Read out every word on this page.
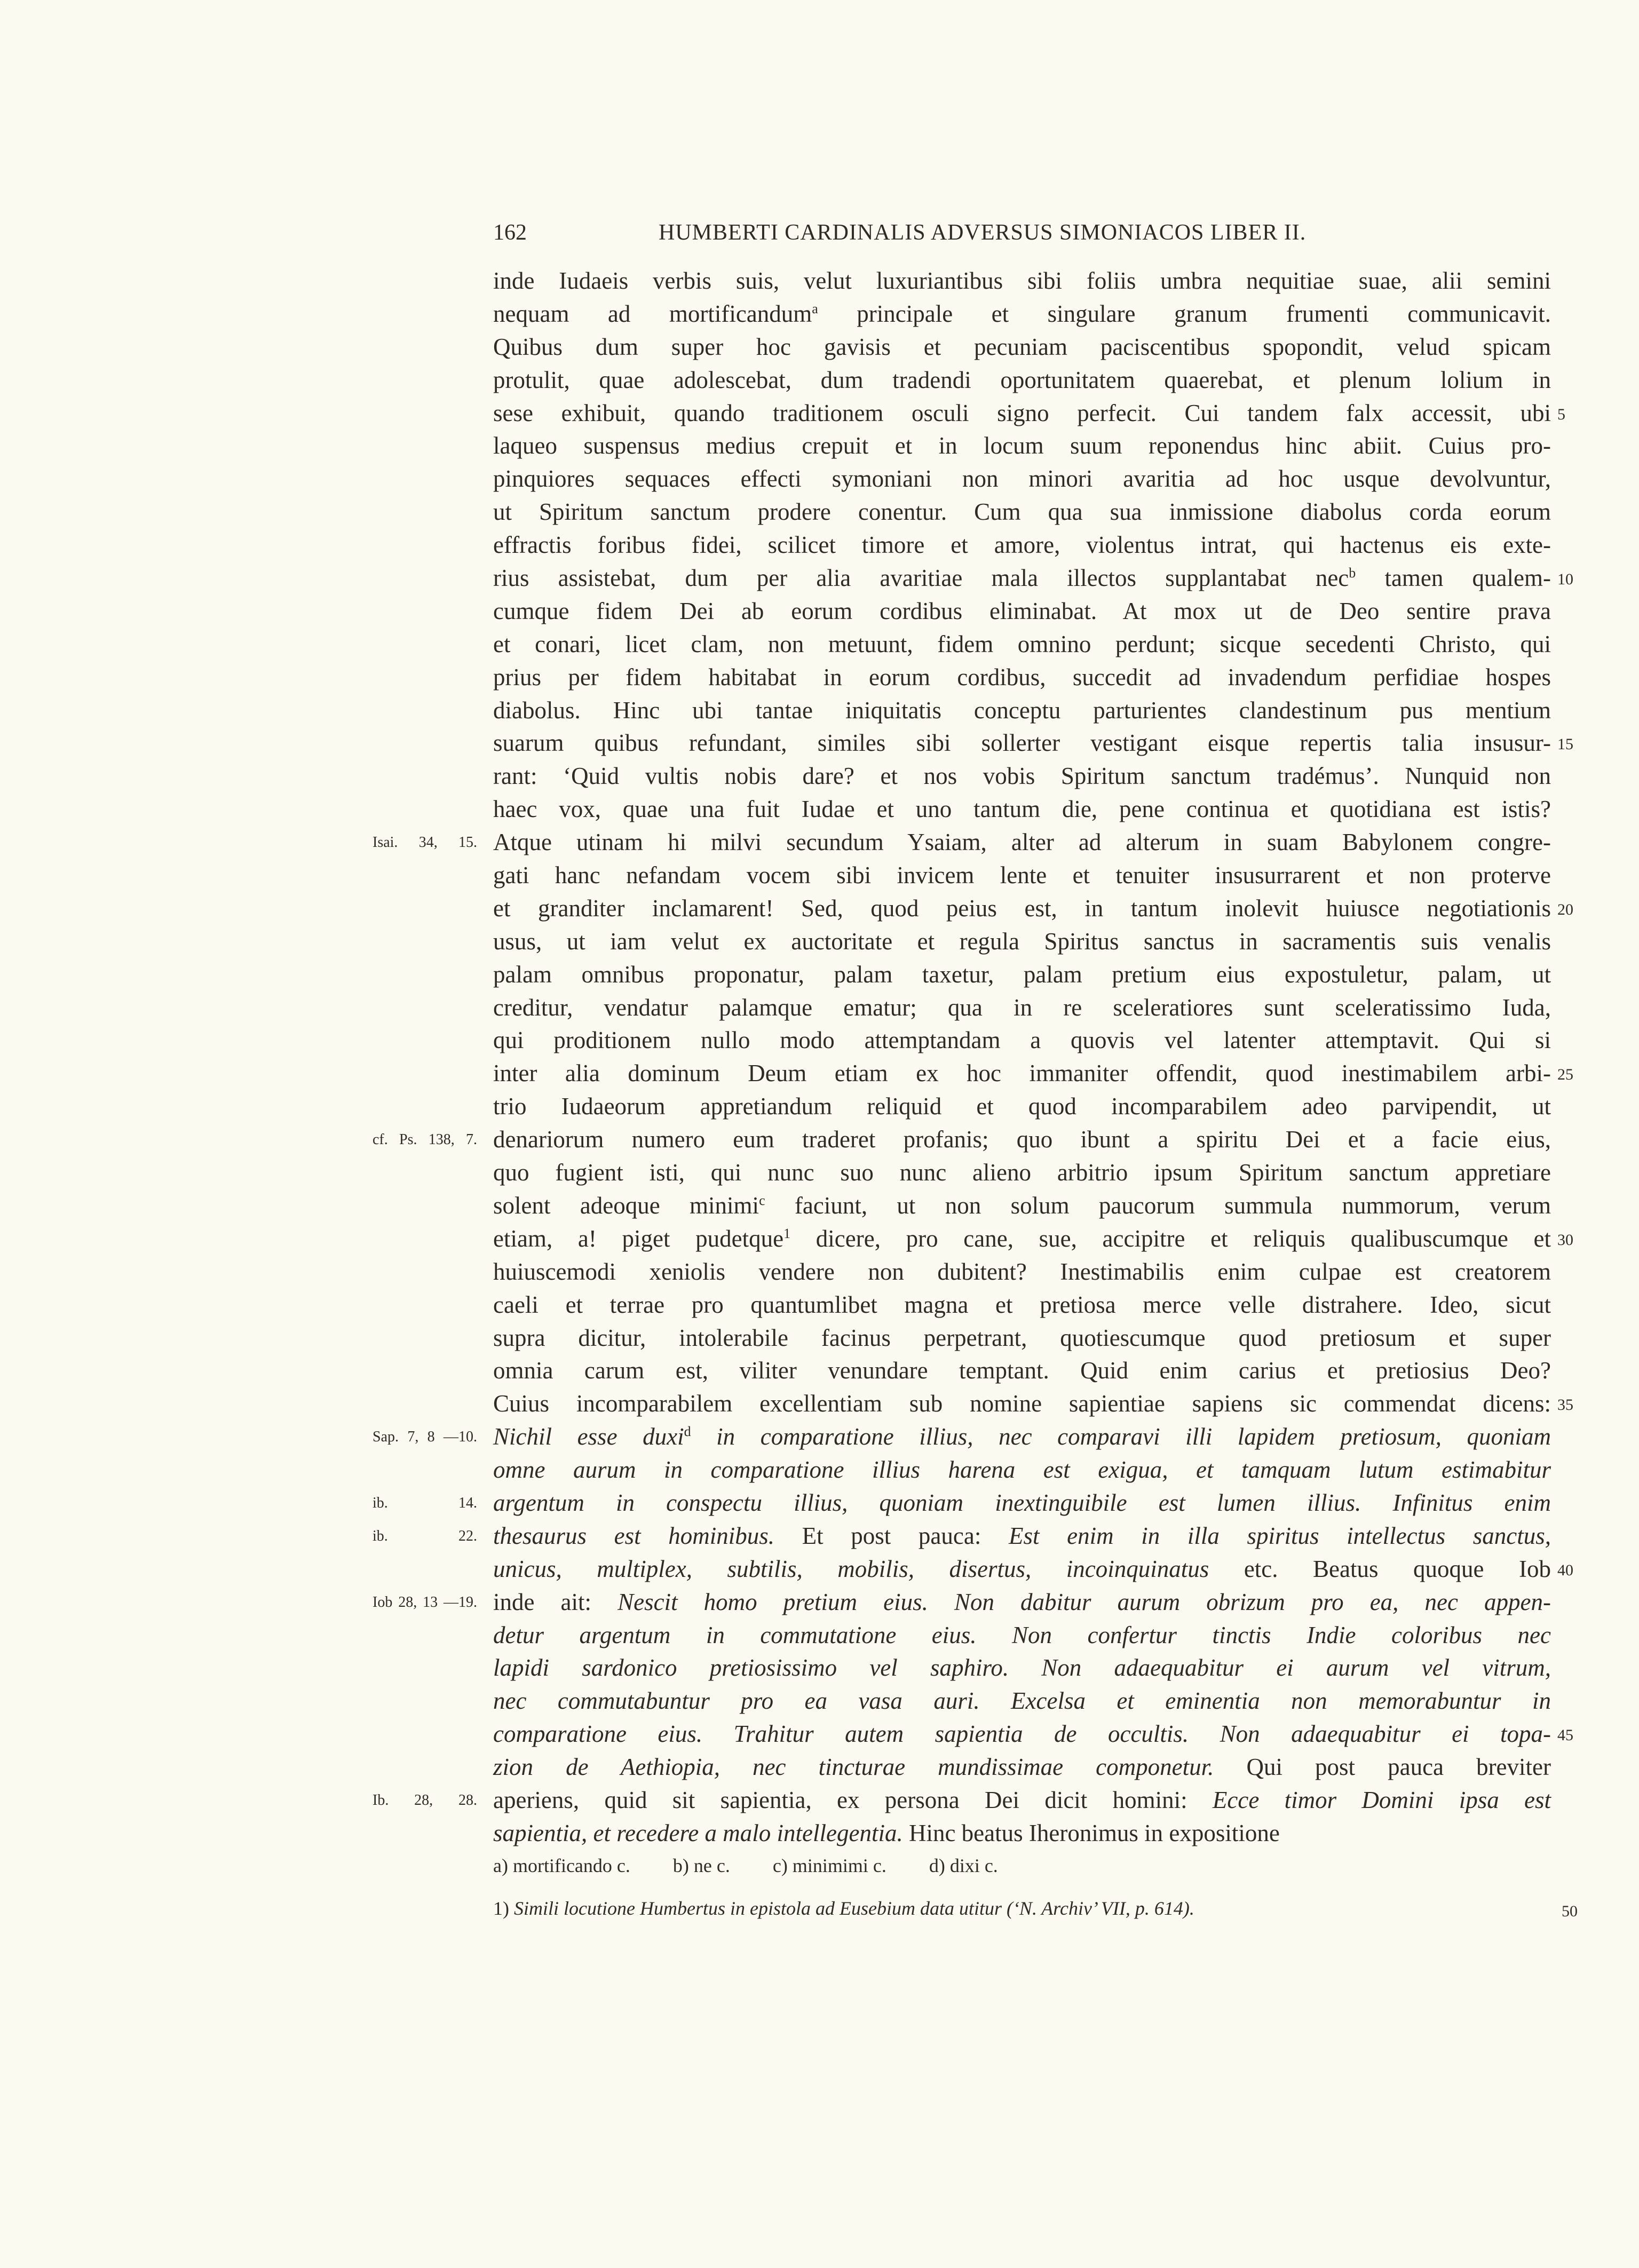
162	HUMBERTI CARDINALIS ADVERSUS SIMONIACOS LIBER II.
inde Iudaeis verbis suis, velut luxuriantibus sibi foliis umbra nequitiae suae, alii semini
nequam ad mortificandum$^a$ principale et singulare granum frumenti communicavit.
Quibus dum super hoc gavisis et pecuniam paciscentibus spopondit, velud spicam
protulit, quae adolescebat, dum tradendi oportunitatem quaerebat, et plenum lolium in
sese exhibuit, quando traditionem osculi signo perfecit. Cui tandem falx accessit, ubi 5
laqueo suspensus medius crepuit et in locum suum reponendus hinc abiit. Cuius pro-
pinquiores sequaces effecti symoniani non minori avaritia ad hoc usque devolvuntur,
ut Spiritum sanctum prodere conentur. Cum qua sua inmissione diabolus corda eorum
effractis foribus fidei, scilicet timore et amore, violentus intrat, qui hactenus eis exte-
rius assistebat, dum per alia avaritiae mala illectos supplantabat nec$^b$ tamen qualem- 10
cumque fidem Dei ab eorum cordibus eliminabat. At mox ut de Deo sentire prava
et conari, licet clam, non metuunt, fidem omnino perdunt; sicque secedenti Christo, qui
prius per fidem habitabat in eorum cordibus, succedit ad invadendum perfidiae hospes
diabolus. Hinc ubi tantae iniquitatis conceptu parturientes clandestinum pus mentium
suarum quibus refundant, similes sibi sollerter vestigant eisque repertis talia insusur- 15
rant: ‘Quid vultis nobis dare? et nos vobis Spiritum sanctum tradémus’. Nunquid non
haec vox, quae una fuit Iudae et uno tantum die, pene continua et quotidiana est istis?
Atque utinam hi milvi secundum Ysaiam, alter ad alterum in suam Babylonem congre-
Isai. 34, 15.
gati hanc nefandam vocem sibi invicem lente et tenuiter insusurrarent et non proterve
et granditer inclamarent! Sed, quod peius est, in tantum inolevit huiusce negotiationis 20
usus, ut iam velut ex auctoritate et regula Spiritus sanctus in sacramentis suis venalis
palam omnibus proponatur, palam taxetur, palam pretium eius expostuletur, palam, ut
creditur, vendatur palamque ematur; qua in re sceleratiores sunt sceleratissimo Iuda,
qui proditionem nullo modo attemptandam a quovis vel latenter attemptavit. Qui si
inter alia dominum Deum etiam ex hoc immaniter offendit, quod inestimabilem arbi- 25
trio Iudaeorum appretiandum reliquid et quod incomparabilem adeo parvipendit, ut
denariorum numero eum traderet profanis; quo ibunt a spiritu Dei et a facie eius,
cf. Ps. 138, 7.
quo fugient isti, qui nunc suo nunc alieno arbitrio ipsum Spiritum sanctum appretiare
solent adeoque minimi$^c$ faciunt, ut non solum paucorum summula nummorum, verum
etiam, a! piget pudetque$^1$ dicere, pro cane, sue, accipitre et reliquis qualibuscumque et 30
huiuscemodi xeniolis vendere non dubitent? Inestimabilis enim culpae est creatorem
caeli et terrae pro quantumlibet magna et pretiosa merce velle distrahere. Ideo, sicut
supra dicitur, intolerabile facinus perpetrant, quotiescumque quod pretiosum et super
omnia carum est, viliter venundare temptant. Quid enim carius et pretiosius Deo?
Cuius incomparabilem excellentiam sub nomine sapientiae sapiens sic commendat dicens: 35
Nichil esse duxi$^d$ in comparatione illius, nec comparavi illi lapidem pretiosum, quoniam
Sap. 7, 8 —10.
omne aurum in comparatione illius harena est exigua, et tamquam lutum estimabitur
argentum in conspectu illius, quoniam inextinguibile est lumen illius. Infinitus enim
ib. 14.
thesaurus est hominibus. Et post pauca: Est enim in illa spiritus intellectus sanctus,
ib. 22.
unicus, multiplex, subtilis, mobilis, disertus, incoinquinatus etc. Beatus quoque Iob 40
inde ait: Nescit homo pretium eius. Non dabitur aurum obrizum pro ea, nec appen-
Iob 28, 13 —19.
detur argentum in commutatione eius. Non confertur tinctis Indie coloribus nec
lapidi sardonico pretiosissimo vel saphiro. Non adaequabitur ei aurum vel vitrum,
nec commutabuntur pro ea vasa auri. Excelsa et eminentia non memorabuntur in
comparatione eius. Trahitur autem sapientia de occultis. Non adaequabitur ei topa- 45
zion de Aethiopia, nec tincturae mundissimae componetur. Qui post pauca breviter
aperiens, quid sit sapientia, ex persona Dei dicit homini: Ecce timor Domini ipsa est
Ib. 28, 28.
sapientia, et recedere a malo intellegentia. Hinc beatus Iheronimus in expositione
a) mortificando c. b) ne c. c) minimimi c. d) dixi c.
1) Simili locutione Humbertus in epistola ad Eusebium data utitur (‘N. Archiv’ VII, p. 614).	50
